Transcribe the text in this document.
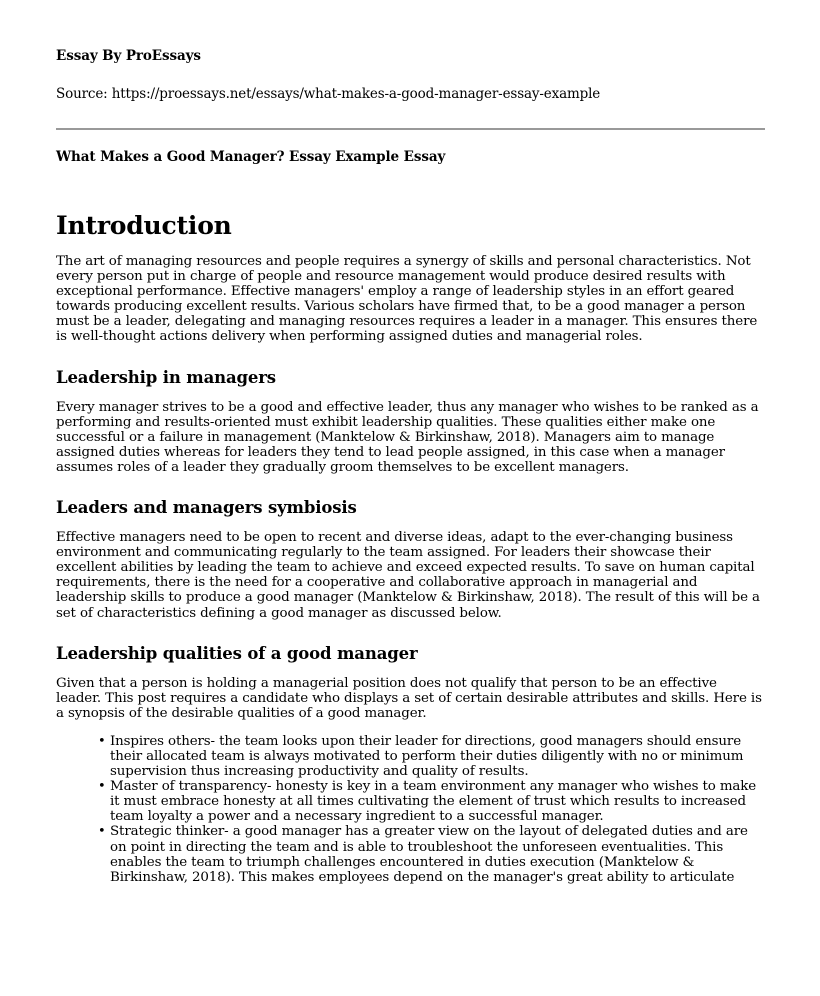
Essay By ProEssays
Source: https://proessays.net/essays/what-makes-a-good-manager-essay-example
What Makes a Good Manager? Essay Example Essay
Introduction

The art of managing resources and people requires a synergy of skills and personal characteristics. Not every person put in charge of people and resource management would produce desired results with exceptional performance. Effective managers' employ a range of leadership styles in an effort geared towards producing excellent results. Various scholars have firmed that, to be a good manager a person must be a leader, delegating and managing resources requires a leader in a manager. This ensures there is well-thought actions delivery when performing assigned duties and managerial roles.

Leadership in managers

Every manager strives to be a good and effective leader, thus any manager who wishes to be ranked as a performing and results-oriented must exhibit leadership qualities. These qualities either make one successful or a failure in management (Manktelow & Birkinshaw, 2018). Managers aim to manage assigned duties whereas for leaders they tend to lead people assigned, in this case when a manager assumes roles of a leader they gradually groom themselves to be excellent managers.

Leaders and managers symbiosis

Effective managers need to be open to recent and diverse ideas, adapt to the ever-changing business environment and communicating regularly to the team assigned. For leaders their showcase their excellent abilities by leading the team to achieve and exceed expected results. To save on human capital requirements, there is the need for a cooperative and collaborative approach in managerial and leadership skills to produce a good manager (Manktelow & Birkinshaw, 2018). The result of this will be a set of characteristics defining a good manager as discussed below.

Leadership qualities of a good manager

Given that a person is holding a managerial position does not qualify that person to be an effective leader. This post requires a candidate who displays a set of certain desirable attributes and skills. Here is a synopsis of the desirable qualities of a good manager.

• Inspires others- the team looks upon their leader for directions, good managers should ensure their allocated team is always motivated to perform their duties diligently with no or minimum supervision thus increasing productivity and quality of results.
• Master of transparency- honesty is key in a team environment any manager who wishes to make it must embrace honesty at all times cultivating the element of trust which results to increased team loyalty a power and a necessary ingredient to a successful manager.
• Strategic thinker- a good manager has a greater view on the layout of delegated duties and are on point in directing the team and is able to troubleshoot the unforeseen eventualities. This enables the team to triumph challenges encountered in duties execution (Manktelow & Birkinshaw, 2018). This makes employees depend on the manager's great ability to articulate
